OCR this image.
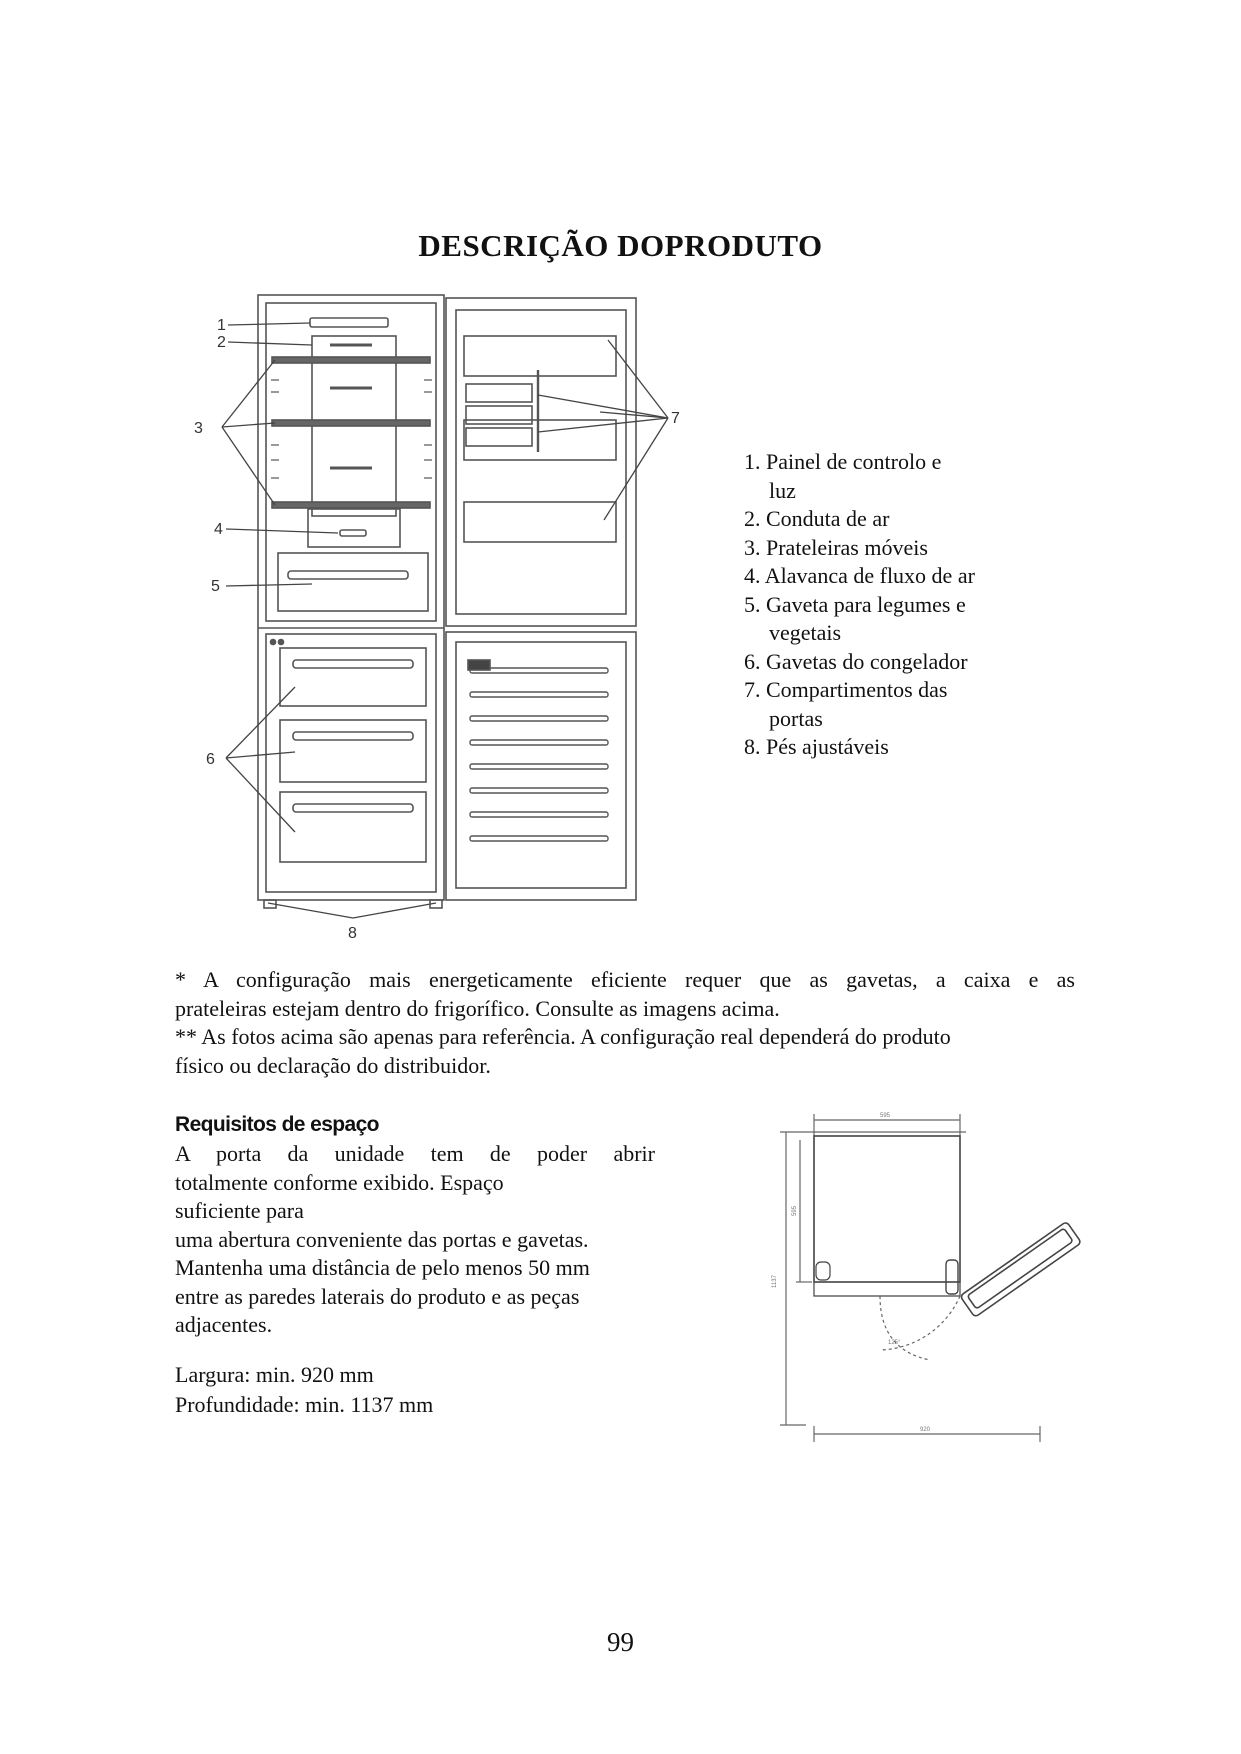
DESCRIÇÃO DOPRODUTO
1
2
3
4
5
6
7
8
1. Painel de controlo e
luz
2. Conduta de ar
3. Prateleiras móveis
4. Alavanca de fluxo de ar
5. Gaveta para legumes e
vegetais
6. Gavetas do congelador
7. Compartimentos das
portas
8. Pés ajustáveis

* A configuração mais energeticamente eficiente requer que as gavetas, a caixa e as

prateleiras estejam dentro do frigorífico. Consulte as imagens acima.

** As fotos acima são apenas para referência. A configuração real dependerá do produto

físico ou declaração do distribuidor.

Requisitos de espaço

A porta da unidade tem de poder abrir

totalmente conforme exibido. Espaço

suficiente para

uma abertura conveniente das portas e gavetas.

Mantenha uma distância de pelo menos 50 mm

entre as paredes laterais do produto e as peças

adjacentes.

Largura: min. 920 mm

Profundidade: min. 1137 mm

595
1137
595
125°
920
99
